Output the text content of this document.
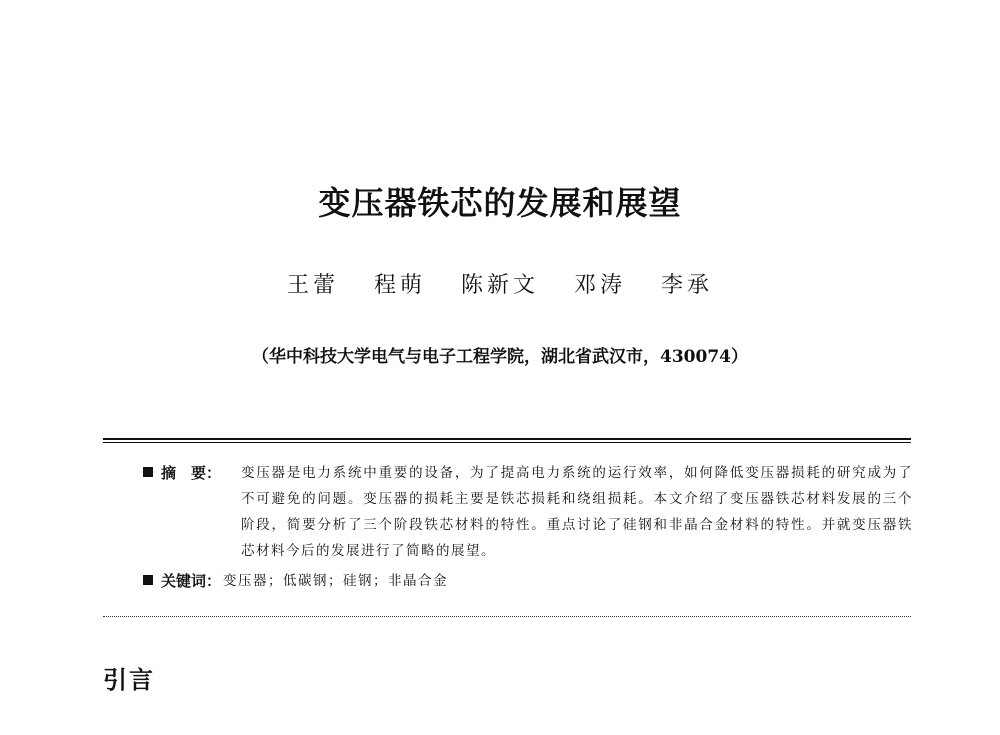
变压器铁芯的发展和展望
王蕾 程萌 陈新文 邓涛 李承
（华中科技大学电气与电子工程学院，湖北省武汉市，430074）
摘　要：	变压器是电力系统中重要的设备，为了提高电力系统的运行效率，如何降低变压器损耗的研究成为了不可避免的问题。变压器的损耗主要是铁芯损耗和绕组损耗。本文介绍了变压器铁芯材料发展的三个阶段，简要分析了三个阶段铁芯材料的特性。重点讨论了硅钢和非晶合金材料的特性。并就变压器铁芯材料今后的发展进行了简略的展望。
关键词： 变压器；低碳钢；硅钢；非晶合金
引言
